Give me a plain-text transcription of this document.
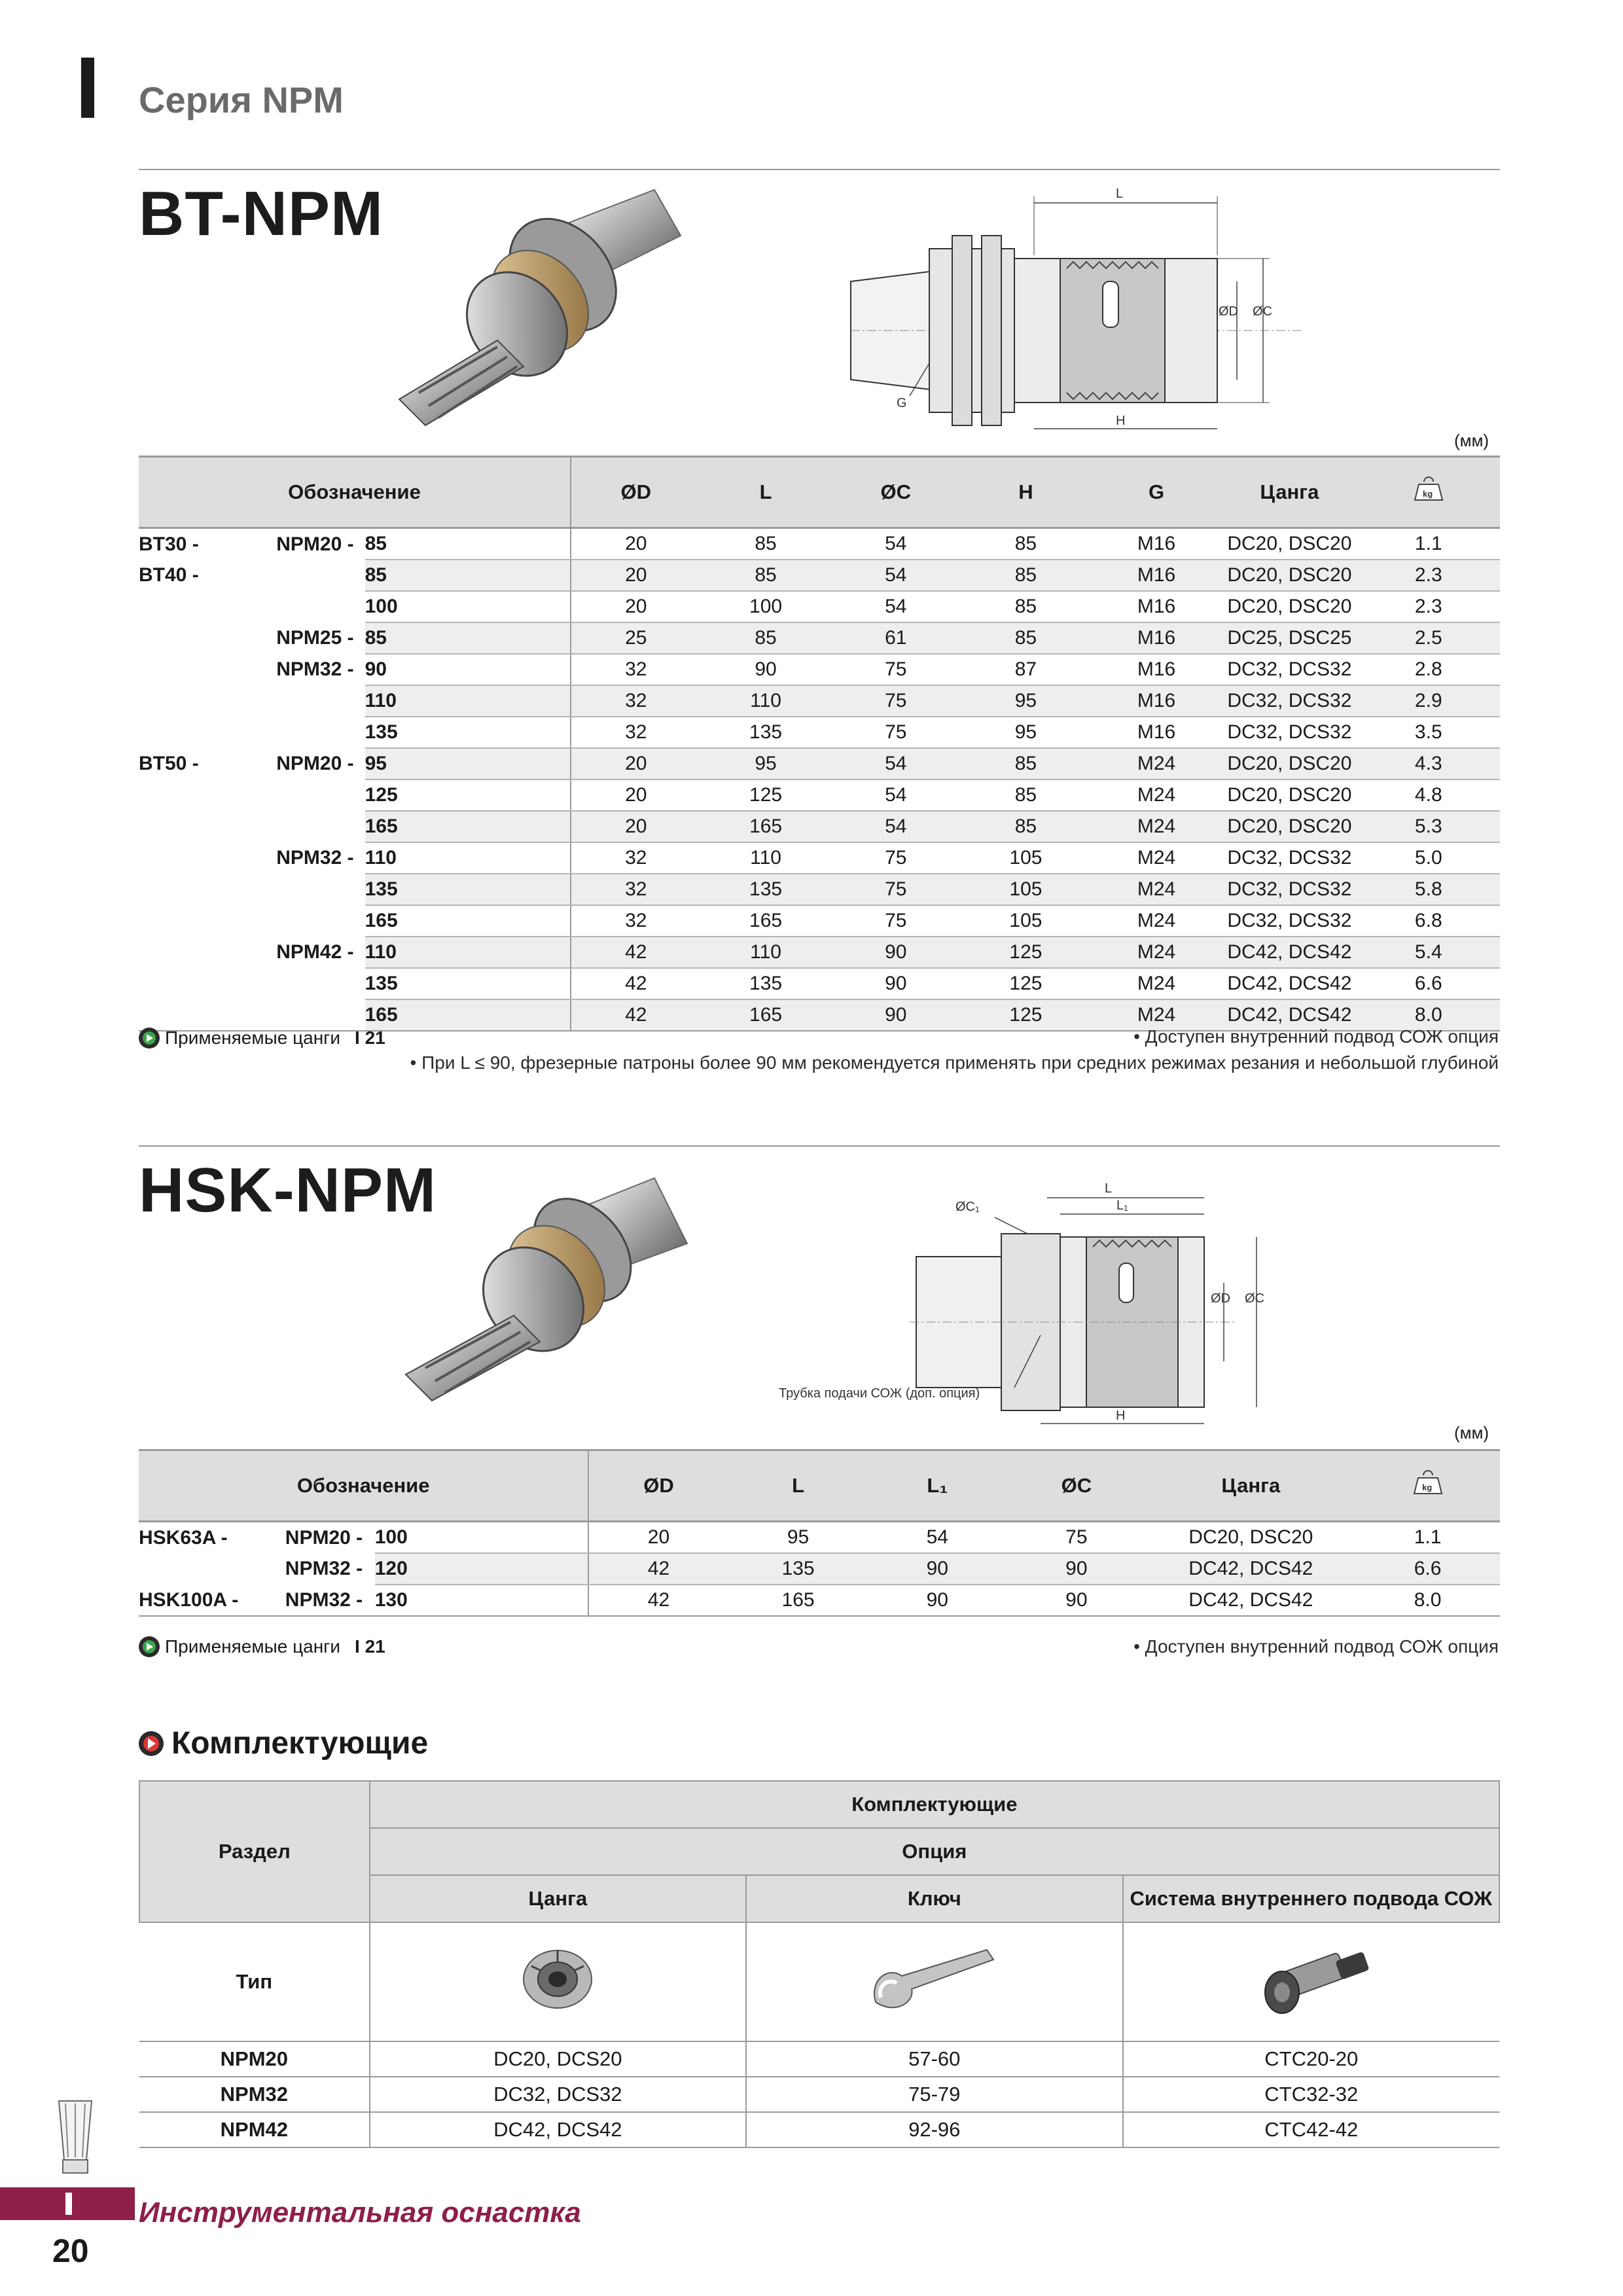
Серия NPM
BT-NPM	L
ØD ØC
G
H
(мм)
Обозначение			ØD	L	ØC	H	G	Цанга	kg

BT30 -	NPM20 -	85	20	85	54	85	M16	DC20, DSC20	1.1
BT40 -		85	20	85	54	85	M16	DC20, DSC20	2.3
		100	20	100	54	85	M16	DC20, DSC20	2.3
	NPM25 -	85	25	85	61	85	M16	DC25, DSC25	2.5
	NPM32 -	90	32	90	75	87	M16	DC32, DCS32	2.8
		110	32	110	75	95	M16	DC32, DCS32	2.9
		135	32	135	75	95	M16	DC32, DCS32	3.5
BT50 -	NPM20 -	95	20	95	54	85	M24	DC20, DSC20	4.3
		125	20	125	54	85	M24	DC20, DSC20	4.8
		165	20	165	54	85	M24	DC20, DSC20	5.3
	NPM32 -	110	32	110	75	105	M24	DC32, DCS32	5.0
		135	32	135	75	105	M24	DC32, DCS32	5.8
		165	32	165	75	105	M24	DC32, DCS32	6.8
	NPM42 -	110	42	110	90	125	M24	DC42, DCS42	5.4
		135	42	135	90	125	M24	DC42, DCS42	6.6
		165	42	165	90	125	M24	DC42, DCS42	8.0
Применяемые цанги I 21	• Доступен внутренний подвод СОЖ опция
• При L ≤ 90, фрезерные патроны более 90 мм рекомендуется применять при средних режимах резания и небольшой глубиной
HSK-NPM	L
L₁
ØC₁
ØD ØC
Трубка подачи СОЖ (доп. опция)
H
(мм)
Обозначение			ØD	L	L₁	ØC	Цанга	kg

HSK63A -	NPM20 -	100	20	95	54	75	DC20, DSC20	1.1
	NPM32 -	120	42	135	90	90	DC42, DCS42	6.6
HSK100A -	NPM32 -	130	42	165	90	90	DC42, DCS42	8.0
Применяемые цанги I 21	• Доступен внутренний подвод СОЖ опция
Комплектующие
Раздел	Комплектующие		
	Опция		
	Цанга	Ключ	Система внутреннего подвода СОЖ
Тип			
NPM20	DC20, DCS20	57-60	CTC20-20
NPM32	DC32, DCS32	75-79	CTC32-32
NPM42	DC42, DCS42	92-96	CTC42-42
Инструментальная оснастка
20
